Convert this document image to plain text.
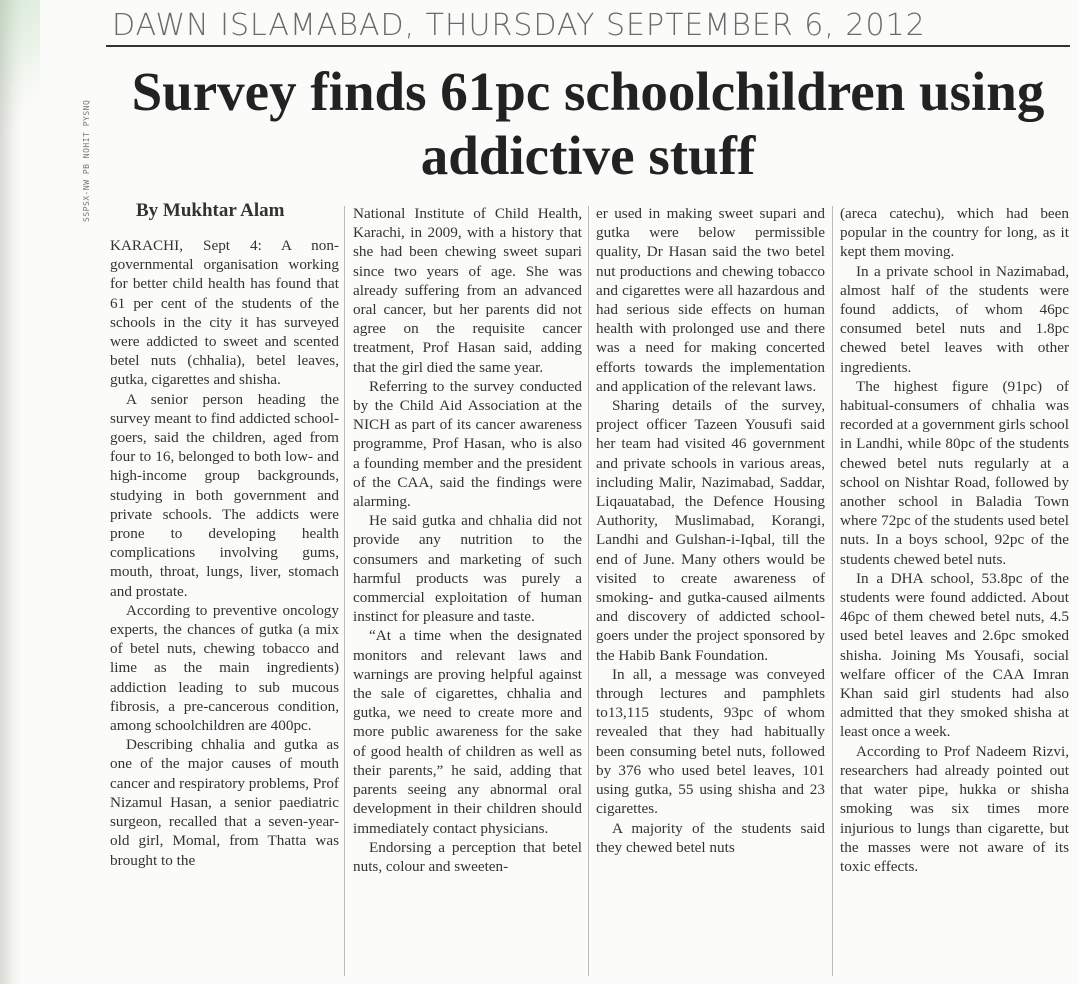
SSPSX-NW PB NOHIT PYSNQ
DAWN ISLAMABAD, THURSDAY SEPTEMBER 6, 2012
Survey finds 61pc schoolchildren using addictive stuff
By Mukhtar Alam

KARACHI, Sept 4: A non-governmental organisation working for better child health has found that 61 per cent of the students of the schools in the city it has surveyed were addicted to sweet and scented betel nuts (chhalia), betel leaves, gutka, cigarettes and shisha.

A senior person heading the survey meant to find addicted school-goers, said the children, aged from four to 16, belonged to both low- and high-income group backgrounds, studying in both government and private schools. The addicts were prone to developing health complications involving gums, mouth, throat, lungs, liver, stomach and prostate.

According to preventive oncology experts, the chances of gutka (a mix of betel nuts, chewing tobacco and lime as the main ingredients) addiction leading to sub mucous fibrosis, a pre-cancerous condition, among schoolchildren are 400pc.

Describing chhalia and gutka as one of the major causes of mouth cancer and respiratory problems, Prof Nizamul Hasan, a senior paediatric surgeon, recalled that a seven-year-old girl, Momal, from Thatta was brought to the

National Institute of Child Health, Karachi, in 2009, with a history that she had been chewing sweet supari since two years of age. She was already suffering from an advanced oral cancer, but her parents did not agree on the requisite cancer treatment, Prof Hasan said, adding that the girl died the same year.

Referring to the survey conducted by the Child Aid Association at the NICH as part of its cancer awareness programme, Prof Hasan, who is also a founding member and the president of the CAA, said the findings were alarming.

He said gutka and chhalia did not provide any nutrition to the consumers and marketing of such harmful products was purely a commercial exploitation of human instinct for pleasure and taste.

“At a time when the designated monitors and relevant laws and warnings are proving helpful against the sale of cigarettes, chhalia and gutka, we need to create more and more public awareness for the sake of good health of children as well as their parents,” he said, adding that parents seeing any abnormal oral development in their children should immediately contact physicians.

Endorsing a perception that betel nuts, colour and sweeten-

er used in making sweet supari and gutka were below permissible quality, Dr Hasan said the two betel nut productions and chewing tobacco and cigarettes were all hazardous and had serious side effects on human health with prolonged use and there was a need for making concerted efforts towards the implementation and application of the relevant laws.

Sharing details of the survey, project officer Tazeen Yousufi said her team had visited 46 government and private schools in various areas, including Malir, Nazimabad, Saddar, Liqauatabad, the Defence Housing Authority, Muslimabad, Korangi, Landhi and Gulshan-i-Iqbal, till the end of June. Many others would be visited to create awareness of smoking- and gutka-caused ailments and discovery of addicted school-goers under the project sponsored by the Habib Bank Foundation.

In all, a message was conveyed through lectures and pamphlets to13,115 students, 93pc of whom revealed that they had habitually been consuming betel nuts, followed by 376 who used betel leaves, 101 using gutka, 55 using shisha and 23 cigarettes.

A majority of the students said they chewed betel nuts

(areca catechu), which had been popular in the country for long, as it kept them moving.

In a private school in Nazimabad, almost half of the students were found addicts, of whom 46pc consumed betel nuts and 1.8pc chewed betel leaves with other ingredients.

The highest figure (91pc) of habitual-consumers of chhalia was recorded at a government girls school in Landhi, while 80pc of the students chewed betel nuts regularly at a school on Nishtar Road, followed by another school in Baladia Town where 72pc of the students used betel nuts. In a boys school, 92pc of the students chewed betel nuts.

In a DHA school, 53.8pc of the students were found addicted. About 46pc of them chewed betel nuts, 4.5 used betel leaves and 2.6pc smoked shisha. Joining Ms Yousafi, social welfare officer of the CAA Imran Khan said girl students had also admitted that they smoked shisha at least once a week.

According to Prof Nadeem Rizvi, researchers had already pointed out that water pipe, hukka or shisha smoking was six times more injurious to lungs than cigarette, but the masses were not aware of its toxic effects.
